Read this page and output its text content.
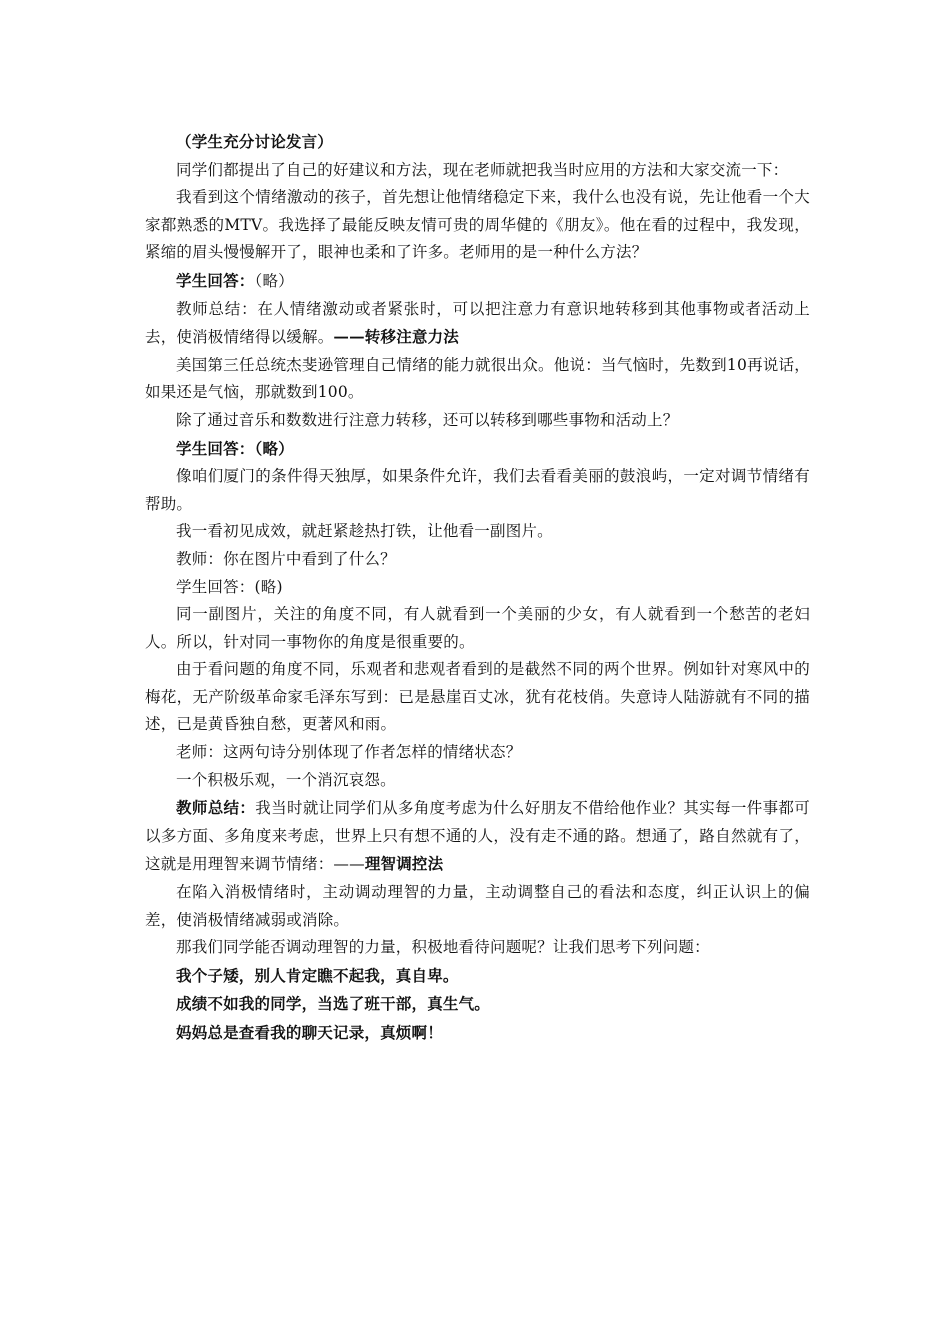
（学生充分讨论发言）

同学们都提出了自己的好建议和方法，现在老师就把我当时应用的方法和大家交流一下：

我看到这个情绪激动的孩子，首先想让他情绪稳定下来，我什么也没有说，先让他看一个大家都熟悉的MTV。我选择了最能反映友情可贵的周华健的《朋友》。他在看的过程中，我发现，紧缩的眉头慢慢解开了，眼神也柔和了许多。老师用的是一种什么方法？

学生回答：（略）

教师总结：在人情绪激动或者紧张时，可以把注意力有意识地转移到其他事物或者活动上去，使消极情绪得以缓解。——转移注意力法

美国第三任总统杰斐逊管理自己情绪的能力就很出众。他说：当气恼时，先数到10再说话，如果还是气恼，那就数到100。

除了通过音乐和数数进行注意力转移，还可以转移到哪些事物和活动上？

学生回答：（略）

像咱们厦门的条件得天独厚，如果条件允许，我们去看看美丽的鼓浪屿，一定对调节情绪有帮助。

我一看初见成效，就赶紧趁热打铁，让他看一副图片。

教师：你在图片中看到了什么？

学生回答：(略)

同一副图片，关注的角度不同，有人就看到一个美丽的少女，有人就看到一个愁苦的老妇人。所以，针对同一事物你的角度是很重要的。

由于看问题的角度不同，乐观者和悲观者看到的是截然不同的两个世界。例如针对寒风中的梅花，无产阶级革命家毛泽东写到：已是悬崖百丈冰，犹有花枝俏。失意诗人陆游就有不同的描述，已是黄昏独自愁，更著风和雨。

老师：这两句诗分别体现了作者怎样的情绪状态？

一个积极乐观，一个消沉哀怨。

教师总结：我当时就让同学们从多角度考虑为什么好朋友不借给他作业？其实每一件事都可以多方面、多角度来考虑，世界上只有想不通的人，没有走不通的路。想通了，路自然就有了，这就是用理智来调节情绪：——理智调控法

在陷入消极情绪时，主动调动理智的力量，主动调整自己的看法和态度，纠正认识上的偏差，使消极情绪减弱或消除。

那我们同学能否调动理智的力量，积极地看待问题呢？让我们思考下列问题：

我个子矮，别人肯定瞧不起我，真自卑。

成绩不如我的同学，当选了班干部，真生气。

妈妈总是查看我的聊天记录，真烦啊！
